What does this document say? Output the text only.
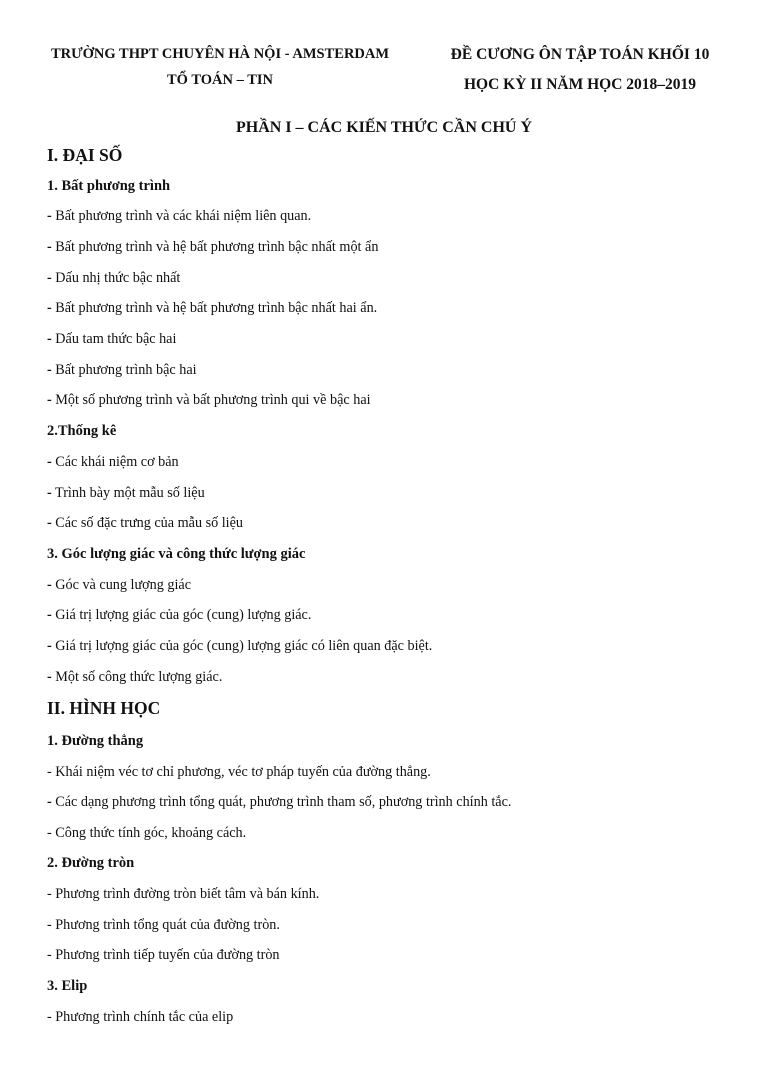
TRƯỜNG THPT CHUYÊN HÀ NỘI - AMSTERDAM
TỔ TOÁN – TIN
ĐỀ CƯƠNG ÔN TẬP TOÁN KHỐI 10
HỌC KỲ II NĂM HỌC 2018–2019
PHẦN I – CÁC KIẾN THỨC CẦN CHÚ Ý
I. ĐẠI SỐ
1. Bất phương trình
- Bất phương trình và các khái niệm liên quan.
- Bất phương trình và hệ bất phương trình bậc nhất một ẩn
- Dấu nhị thức bậc nhất
- Bất phương trình và hệ bất phương trình bậc nhất hai ẩn.
- Dấu tam thức bậc hai
- Bất phương trình bậc hai
- Một số phương trình và bất phương trình qui về bậc hai
2.Thống kê
- Các khái niệm cơ bản
- Trình bày một mẫu số liệu
- Các số đặc trưng của mẫu số liệu
3. Góc lượng giác và công thức lượng giác
- Góc và cung lượng giác
- Giá trị lượng giác của góc (cung) lượng giác.
- Giá trị lượng giác của góc (cung) lượng giác có liên quan đặc biệt.
- Một số công thức lượng giác.
II. HÌNH HỌC
1. Đường thẳng
- Khái niệm véc tơ chỉ phương, véc tơ pháp tuyến của đường thẳng.
- Các dạng phương trình tổng quát, phương trình tham số, phương trình chính tắc.
- Công thức tính góc, khoảng cách.
2. Đường tròn
- Phương trình đường tròn biết tâm và bán kính.
- Phương trình tổng quát của đường tròn.
- Phương trình tiếp tuyến của đường tròn
3. Elip
- Phương trình chính tắc của elip
